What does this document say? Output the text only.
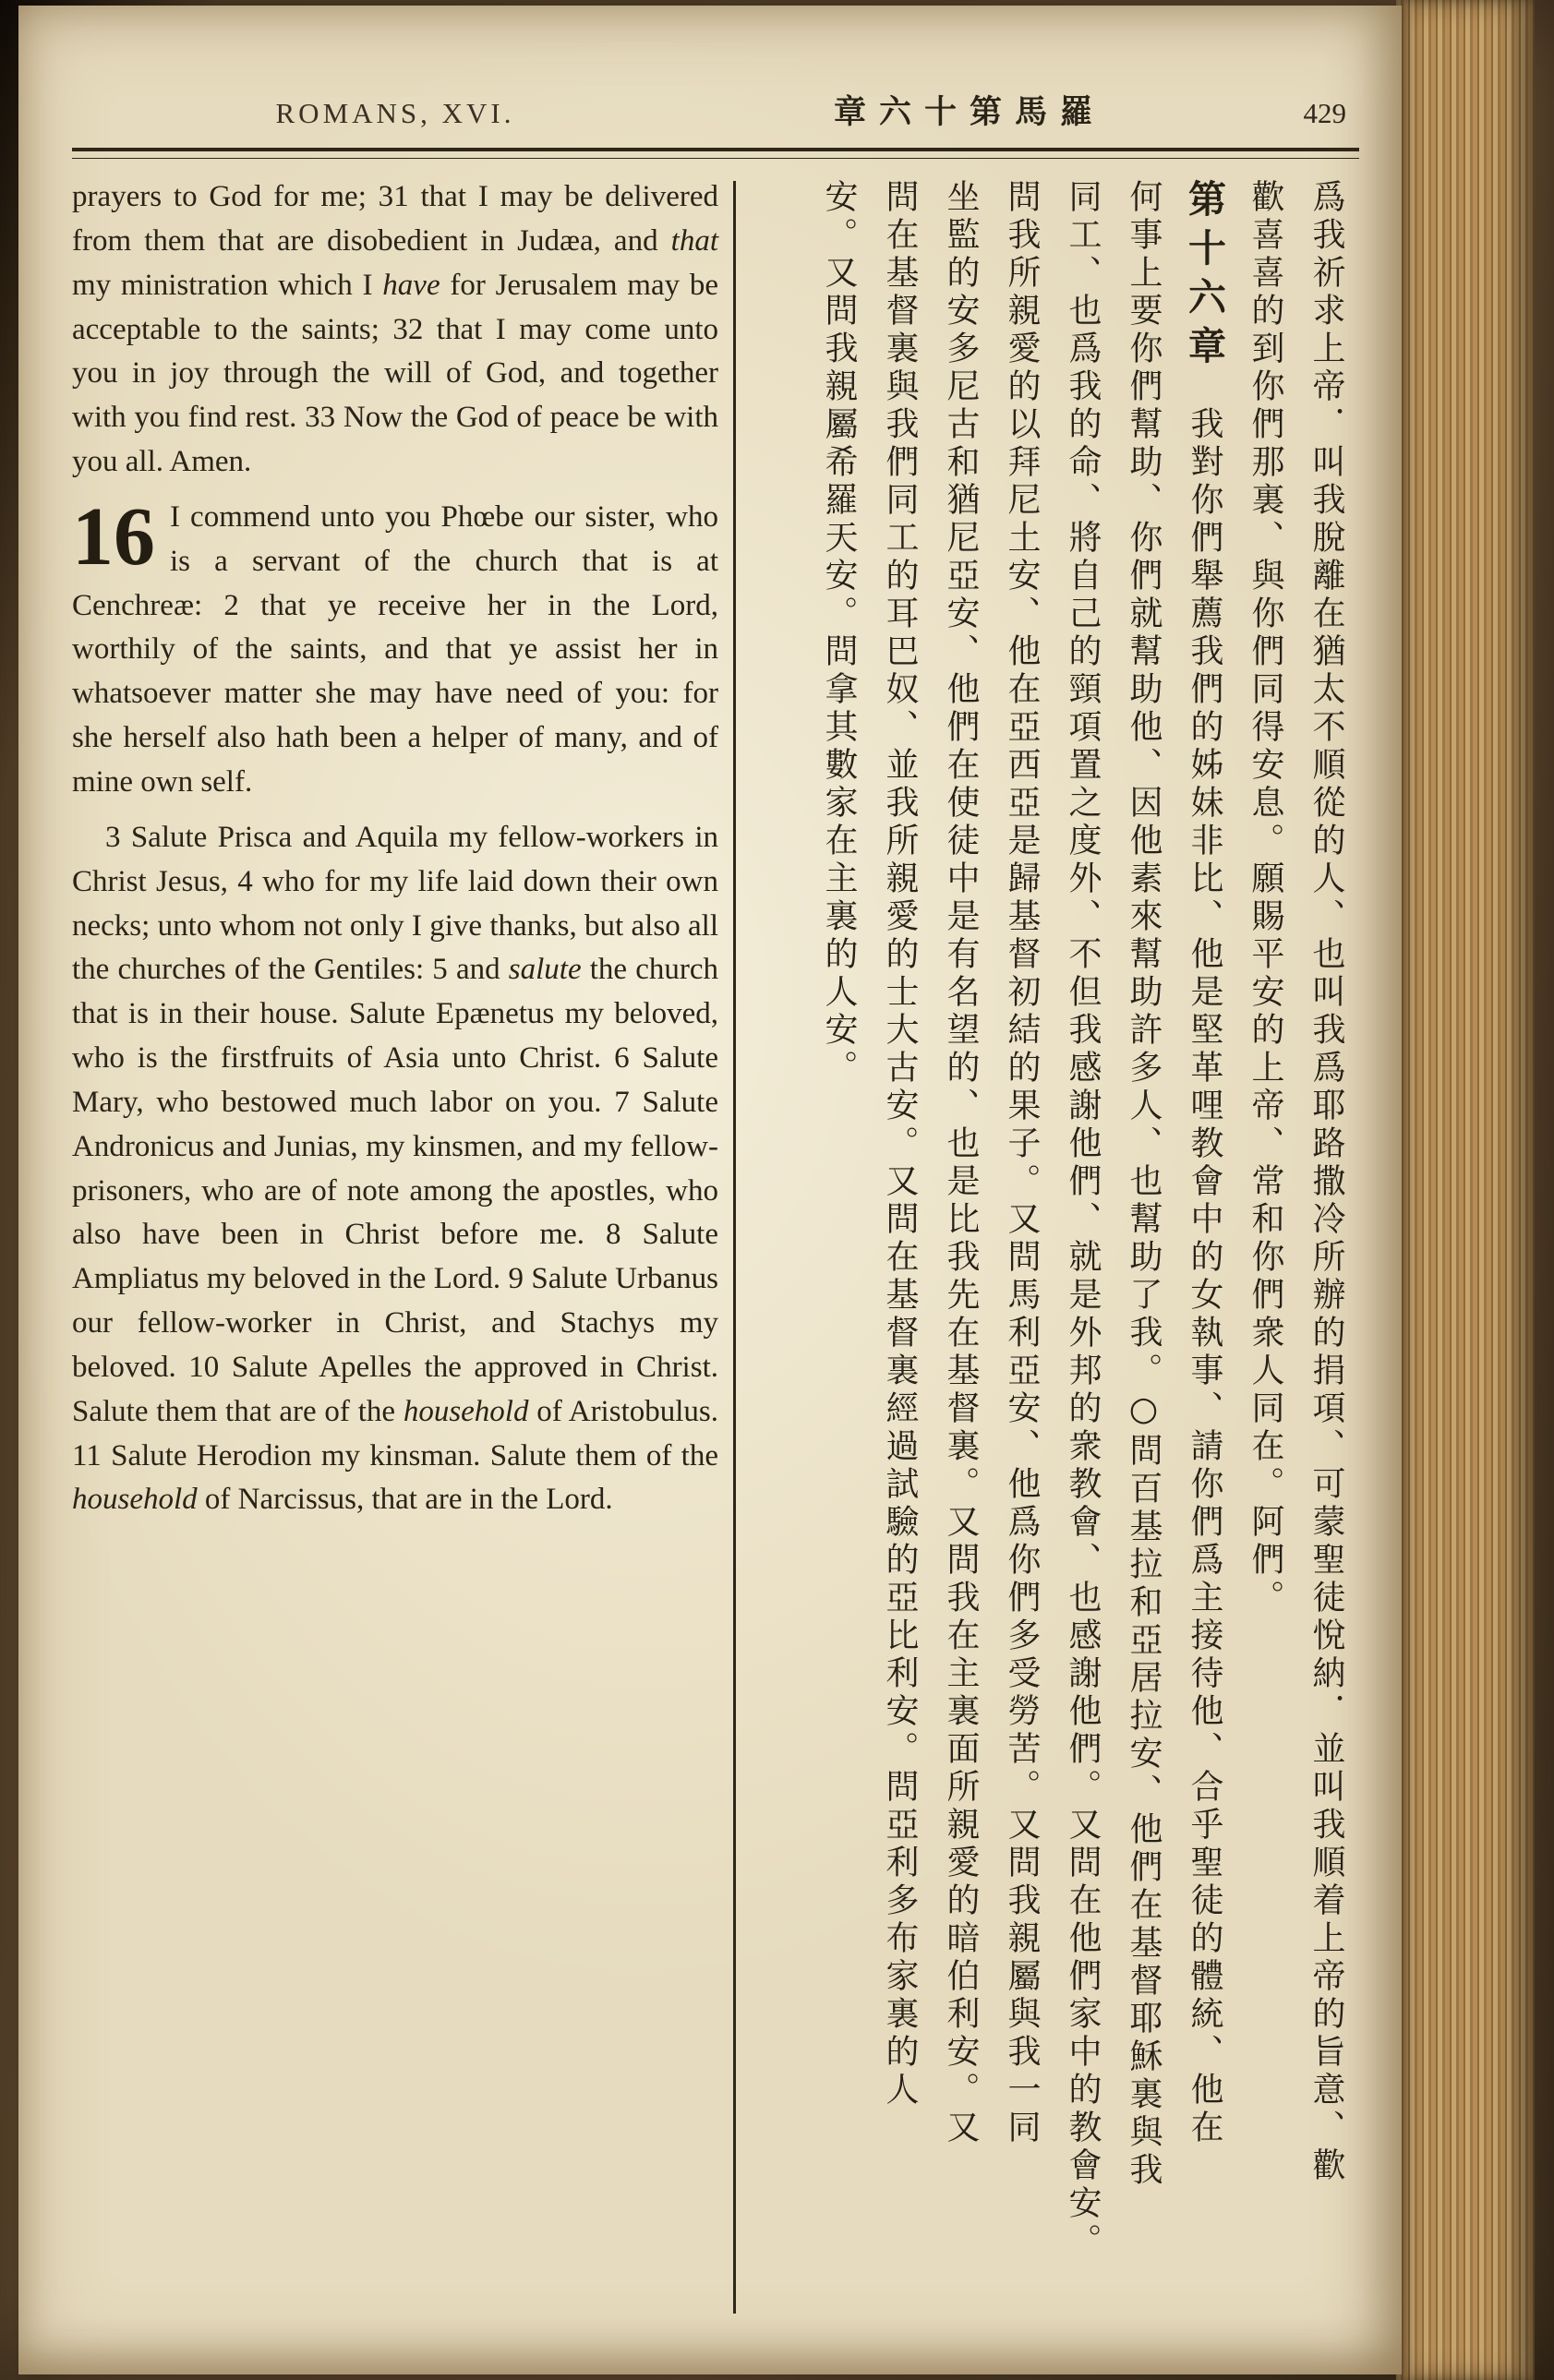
ROMANS, XVI.	章六十第馬羅	429

prayers to God for me; 31 that I may be delivered from them that are disobedient in Judæa, and that my ministration which I have for Jerusalem may be acceptable to the saints; 32 that I may come unto you in joy through the will of God, and together with you find rest. 33 Now the God of peace be with you all. Amen.

16 I commend unto you Phœbe our sister, who is a servant of the church that is at Cenchreæ: 2 that ye receive her in the Lord, worthily of the saints, and that ye assist her in whatsoever matter she may have need of you: for she herself also hath been a helper of many, and of mine own self.

3 Salute Prisca and Aquila my fellow-workers in Christ Jesus, 4 who for my life laid down their own necks; unto whom not only I give thanks, but also all the churches of the Gentiles: 5 and salute the church that is in their house. Salute Epænetus my beloved, who is the firstfruits of Asia unto Christ. 6 Salute Mary, who bestowed much labor on you. 7 Salute Andronicus and Junias, my kinsmen, and my fellow-prisoners, who are of note among the apostles, who also have been in Christ before me. 8 Salute Ampliatus my beloved in the Lord. 9 Salute Urbanus our fellow-worker in Christ, and Stachys my beloved. 10 Salute Apelles the approved in Christ. Salute them that are of the household of Aristobulus. 11 Salute Herodion my kinsman. Salute them of the household of Narcissus, that are in the Lord.	爲我祈求上帝．叫我脫離在猶太不順從的人、也叫我爲耶路撒冷所辦的捐項、可蒙聖徒悅納．並叫我順着上帝的旨意、歡
歡喜喜的到你們那裏、與你們同得安息。願賜平安的上帝、常和你們衆人同在。阿們。
第十六章我對你們舉薦我們的姊妹非比、他是堅革哩教會中的女執事、請你們爲主接待他、合乎聖徒的體統、他在
何事上要你們幫助、你們就幫助他、因他素來幫助許多人、也幫助了我。○問百基拉和亞居拉安、他們在基督耶穌裏與我
同工、也爲我的命、將自己的頸項置之度外、不但我感謝他們、就是外邦的衆教會、也感謝他們。又問在他們家中的教會安。
問我所親愛的以拜尼土安、他在亞西亞是歸基督初結的果子。又問馬利亞安、他爲你們多受勞苦。又問我親屬與我一同
坐監的安多尼古和猶尼亞安、他們在使徒中是有名望的、也是比我先在基督裏。又問我在主裏面所親愛的暗伯利安。又
問在基督裏與我們同工的耳巴奴、並我所親愛的士大古安。又問在基督裏經過試驗的亞比利安。問亞利多布家裏的人
安。又問我親屬希羅天安。問拿其數家在主裏的人安。
